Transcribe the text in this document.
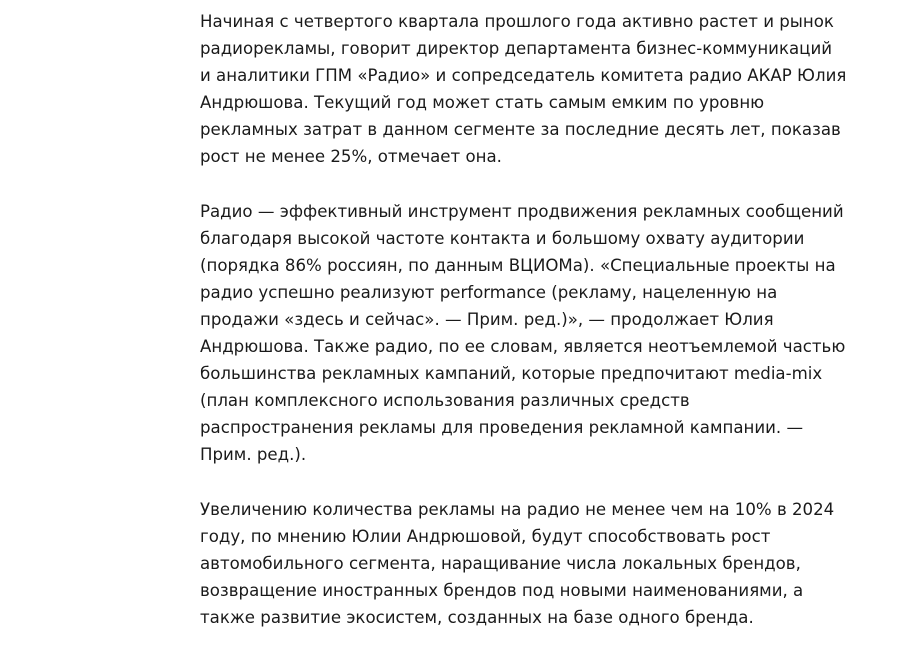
Начиная с четвертого квартала прошлого года активно растет и рынок
радиорекламы, говорит директор департамента бизнес-коммуникаций
и аналитики ГПМ «Радио» и сопредседатель комитета радио АКАР Юлия
Андрюшова. Текущий год может стать самым емким по уровню
рекламных затрат в данном сегменте за последние десять лет, показав
рост не менее 25%, отмечает она.

Радио — эффективный инструмент продвижения рекламных сообщений
благодаря высокой частоте контакта и большому охвату аудитории
(порядка 86% россиян, по данным ВЦИОМа). «Специальные проекты на
радио успешно реализуют performance (рекламу, нацеленную на
продажи «здесь и сейчас». — Прим. ред.)», — продолжает Юлия
Андрюшова. Также радио, по ее словам, является неотъемлемой частью
большинства рекламных кампаний, которые предпочитают media-mix
(план комплексного использования различных средств
распространения рекламы для проведения рекламной кампании. —
Прим. ред.).

Увеличению количества рекламы на радио не менее чем на 10% в 2024
году, по мнению Юлии Андрюшовой, будут способствовать рост
автомобильного сегмента, наращивание числа локальных брендов,
возвращение иностранных брендов под новыми наименованиями, а
также развитие экосистем, созданных на базе одного бренда.
